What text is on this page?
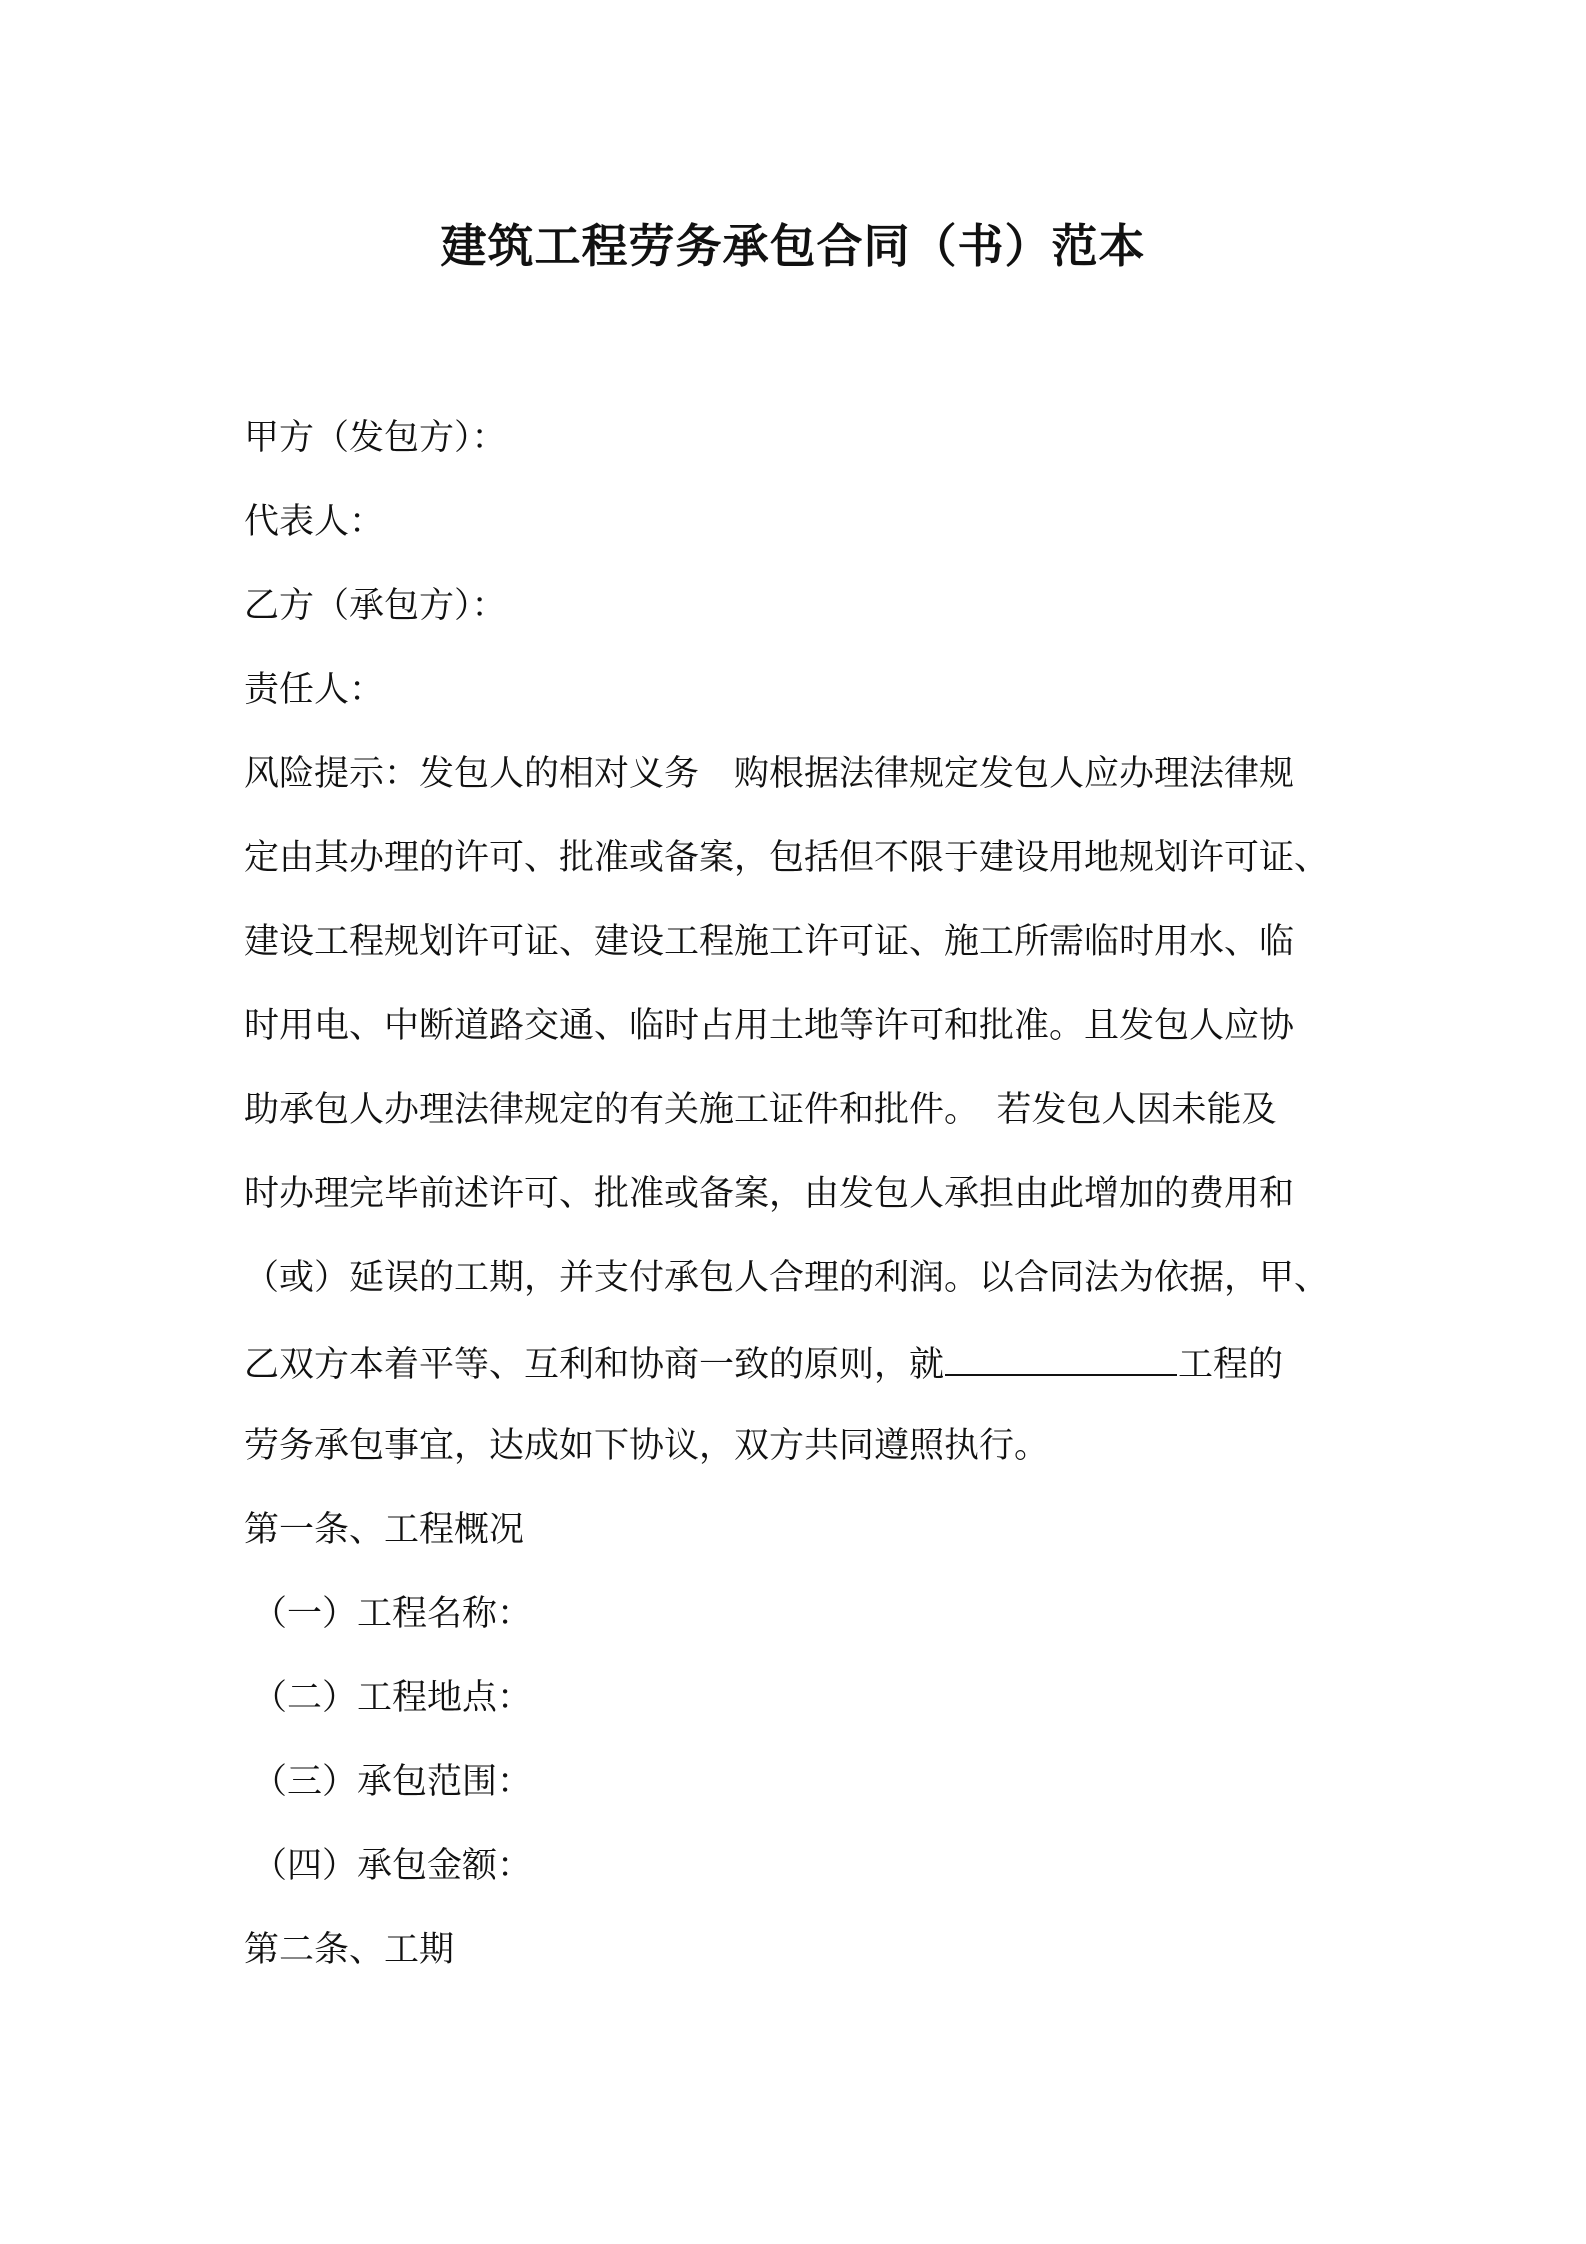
建筑工程劳务承包合同（书）范本
甲方（发包方）：
代表人：
乙方（承包方）：
责任人：
风险提示：发包人的相对义务　购根据法律规定发包人应办理法律规
定由其办理的许可、批准或备案，包括但不限于建设用地规划许可证、
建设工程规划许可证、建设工程施工许可证、施工所需临时用水、临
时用电、中断道路交通、临时占用土地等许可和批准。且发包人应协
助承包人办理法律规定的有关施工证件和批件。　若发包人因未能及
时办理完毕前述许可、批准或备案，由发包人承担由此增加的费用和
（或）延误的工期，并支付承包人合理的利润。以合同法为依据，甲、
乙双方本着平等、互利和协商一致的原则，就	工程的
劳务承包事宜，达成如下协议，双方共同遵照执行。
第一条、工程概况
（一）工程名称：
（二）工程地点：
（三）承包范围：
（四）承包金额：
第二条、工期
